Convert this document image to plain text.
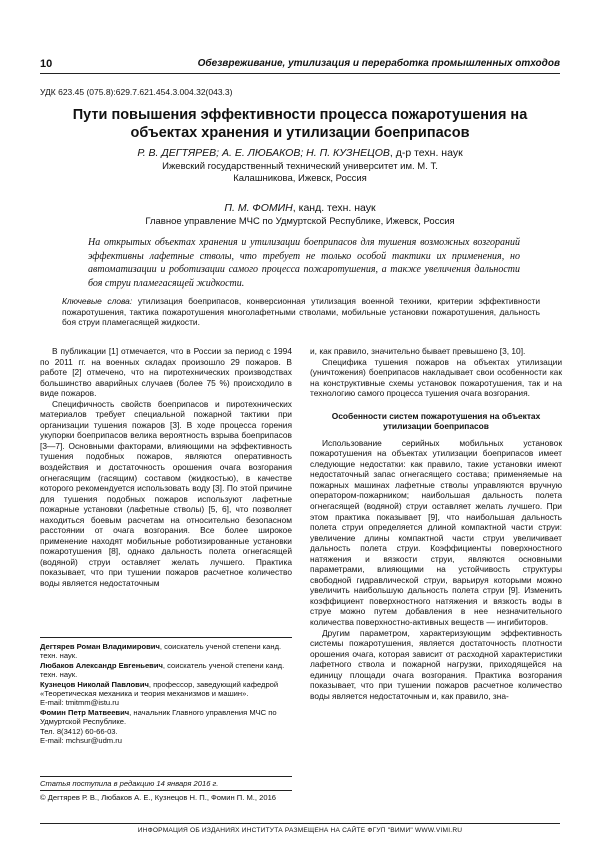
10	Обезвреживание, утилизация и переработка промышленных отходов
УДК 623.45 (075.8):629.7.621.454.3.004.32(043.3)
Пути повышения эффективности процесса пожаротушения на объектах хранения и утилизации боеприпасов
Р. В. ДЕГТЯРЕВ; А. Е. ЛЮБАКОВ; Н. П. КУЗНЕЦОВ, д-р техн. наук
Ижевский государственный технический университет им. М. Т. Калашникова, Ижевск, Россия
П. М. ФОМИН, канд. техн. наук
Главное управление МЧС по Удмуртской Республике, Ижевск, Россия
На открытых объектах хранения и утилизации боеприпасов для тушения возможных возгораний эффективны лафетные стволы, что требует не только особой тактики их применения, но автоматизации и роботизации самого процесса пожаротушения, а также увеличения дальности боя струи пламегасящей жидкости.
Ключевые слова: утилизация боеприпасов, конверсионная утилизация военной техники, критерии эффективности пожаротушения, тактика пожаротушения многолафетными стволами, мобильные установки пожаротушения, дальность боя струи пламегасящей жидкости.

В публикации [1] отмечается, что в России за период с 1994 по 2011 гг. на военных складах произошло 29 пожаров. В работе [2] отмечено, что на пиротехнических производствах большинство аварийных случаев (более 75 %) происходило в виде пожаров.

Специфичность свойств боеприпасов и пиротехнических материалов требует специальной пожарной тактики при организации тушения пожаров [3]. В ходе процесса горения укупорки боеприпасов велика вероятность взрыва боеприпасов [3—7]. Основными факторами, влияющими на эффективность тушения подобных пожаров, являются оперативность воздействия и достаточность орошения очага возгорания огнегасящим (гасящим) составом (жидкостью), в качестве которого рекомендуется использовать воду [3]. По этой причине для тушения подобных пожаров используют лафетные пожарные установки (лафетные стволы) [5, 6], что позволяет находиться боевым расчетам на относительно безопасном расстоянии от очага возгорания. Все более широкое применение находят мобильные роботизированные установки пожаротушения [8], однако дальность полета огнегасящей (водяной) струи оставляет желать лучшего. Практика показывает, что при тушении пожаров расчетное количество воды является недостаточным

и, как правило, значительно бывает превышено [3, 10].

Специфика тушения пожаров на объектах утилизации (уничтожения) боеприпасов накладывает свои особенности как на конструктивные схемы установок пожаротушения, так и на технологию самого процесса тушения очага возгорания.

Особенности систем пожаротушения на объектах утилизации боеприпасов

Использование серийных мобильных установок пожаротушения на объектах утилизации боеприпасов имеет следующие недостатки: как правило, такие установки имеют недостаточный запас огнегасящего состава; применяемые на пожарных машинах лафетные стволы управляются вручную оператором-пожарником; наибольшая дальность полета огнегасящей (водяной) струи оставляет желать лучшего. При этом практика показывает [9], что наибольшая дальность полета струи определяется длиной компактной части струи: увеличение длины компактной части струи увеличивает дальность полета струи. Коэффициенты поверхностного натяжения и вязкости струи, являются основными параметрами, влияющими на устойчивость структуры свободной гидравлической струи, варьируя которыми можно увеличить наибольшую дальность полета струи [9]. Изменить коэффициент поверхностного натяжения и вязкость воды в струе можно путем добавления в нее незначительного количества поверхностно-активных веществ — ингибиторов.

Другим параметром, характеризующим эффективность системы пожаротушения, является достаточность плотности орошения очага, которая зависит от расходной характеристики лафетного ствола и пожарной нагрузки, приходящейся на единицу площади очага возгорания. Практика возгорания показывает, что при тушении пожаров расчетное количество воды является недостаточным и, как правило, зна-

Дегтярев Роман Владимирович, соискатель ученой степени канд. техн. наук.
Любаков Александр Евгеньевич, соискатель ученой степени канд. техн. наук.
Кузнецов Николай Павлович, профессор, заведующий кафедрой «Теоретическая механика и теория механизмов и машин».
E-mail: tmitmm@istu.ru
Фомин Петр Матвеевич, начальник Главного управления МЧС по Удмуртской Республике.
Тел. 8(3412) 60-66-03.
E-mail: mchsur@udm.ru
Статья поступила в редакцию 14 января 2016 г.
© Дегтярев Р. В., Любаков А. Е., Кузнецов Н. П., Фомин П. М., 2016
ИНФОРМАЦИЯ ОБ ИЗДАНИЯХ ИНСТИТУТА РАЗМЕЩЕНА НА САЙТЕ ФГУП "ВИМИ" WWW.VIMI.RU
